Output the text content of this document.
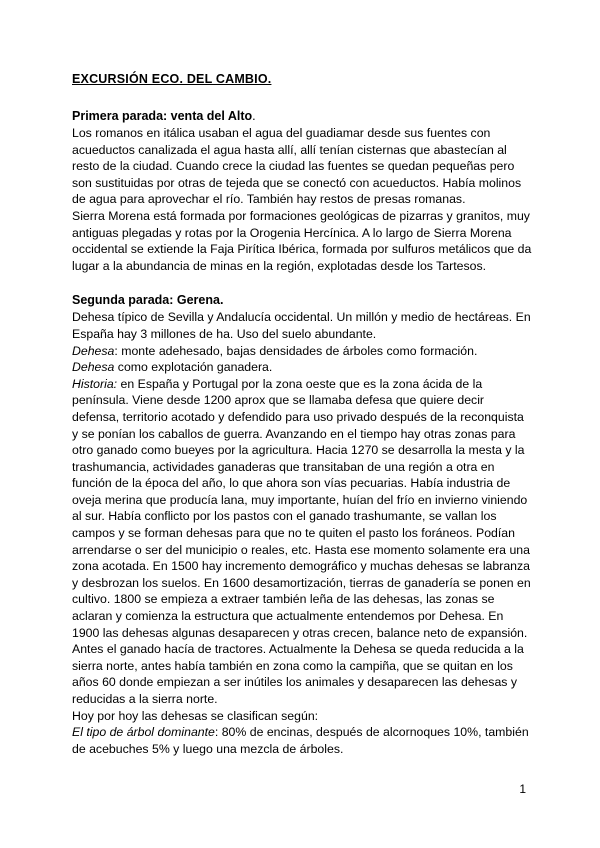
EXCURSIÓN ECO. DEL CAMBIO.
Primera parada: venta del Alto.

Los romanos en itálica usaban el agua del guadiamar desde sus fuentes con acueductos canalizada el agua hasta allí, allí tenían cisternas que abastecían al resto de la ciudad. Cuando crece la ciudad las fuentes se quedan pequeñas pero son sustituidas por otras de tejeda que se conectó con acueductos. Había molinos de agua para aprovechar el río. También hay restos de presas romanas.

Sierra Morena está formada por formaciones geológicas de pizarras y granitos, muy antiguas plegadas y rotas por la Orogenia Hercínica. A lo largo de Sierra Morena occidental se extiende la Faja Pirítica Ibérica, formada por sulfuros metálicos que da lugar a la abundancia de minas en la región, explotadas desde los Tartesos.

Segunda parada: Gerena.

Dehesa típico de Sevilla y Andalucía occidental. Un millón y medio de hectáreas. En España hay 3 millones de ha. Uso del suelo abundante.

Dehesa: monte adehesado, bajas densidades de árboles como formación.

Dehesa como explotación ganadera.

Historia: en España y Portugal por la zona oeste que es la zona ácida de la península. Viene desde 1200 aprox que se llamaba defesa que quiere decir defensa, territorio acotado y defendido para uso privado después de la reconquista y se ponían los caballos de guerra. Avanzando en el tiempo hay otras zonas para otro ganado como bueyes por la agricultura. Hacia 1270 se desarrolla la mesta y la trashumancia, actividades ganaderas que transitaban de una región a otra en función de la época del año, lo que ahora son vías pecuarias. Había industria de oveja merina que producía lana, muy importante, huían del frío en invierno viniendo al sur. Había conflicto por los pastos con el ganado trashumante, se vallan los campos y se forman dehesas para que no te quiten el pasto los foráneos. Podían arrendarse o ser del municipio o reales, etc. Hasta ese momento solamente era una zona acotada. En 1500 hay incremento demográfico y muchas dehesas se labranza y desbrozan los suelos. En 1600 desamortización, tierras de ganadería se ponen en cultivo. 1800 se empieza a extraer también leña de las dehesas, las zonas se aclaran y comienza la estructura que actualmente entendemos por Dehesa. En 1900 las dehesas algunas desaparecen y otras crecen, balance neto de expansión. Antes el ganado hacía de tractores. Actualmente la Dehesa se queda reducida a la sierra norte, antes había también en zona como la campiña, que se quitan en los años 60 donde empiezan a ser inútiles los animales y desaparecen las dehesas y reducidas a la sierra norte.

Hoy por hoy las dehesas se clasifican según:

El tipo de árbol dominante: 80% de encinas, después de alcornoques 10%, también de acebuches 5% y luego una mezcla de árboles.

1
